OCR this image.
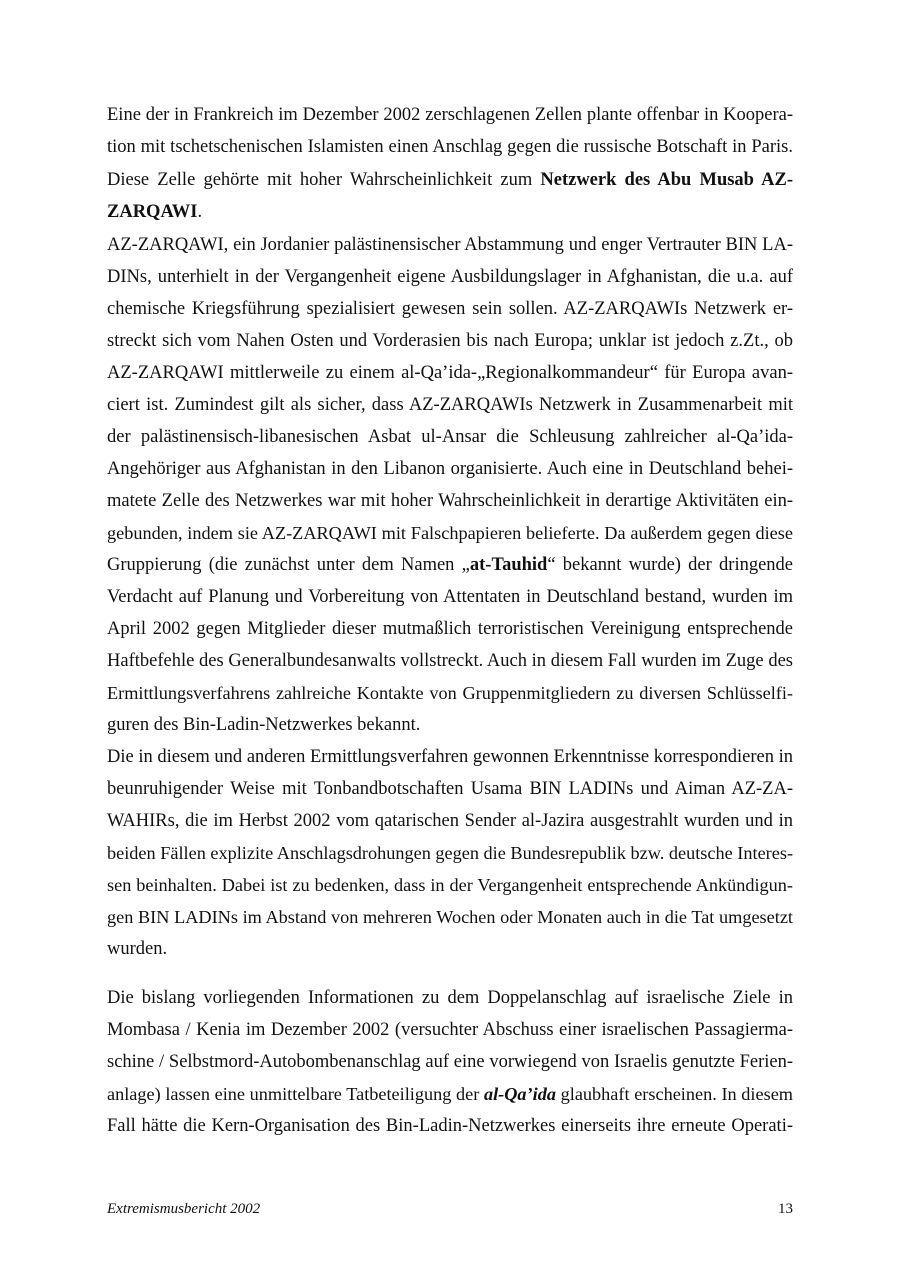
Eine der in Frankreich im Dezember 2002 zerschlagenen Zellen plante offenbar in Koopera-
tion mit tschetschenischen Islamisten einen Anschlag gegen die russische Botschaft in Paris.
Diese Zelle gehörte mit hoher Wahrscheinlichkeit zum Netzwerk des Abu Musab AZ-
ZARQAWI.
AZ-ZARQAWI, ein Jordanier palästinensischer Abstammung und enger Vertrauter BIN LA-
DINs, unterhielt in der Vergangenheit eigene Ausbildungslager in Afghanistan, die u.a. auf
chemische Kriegsführung spezialisiert gewesen sein sollen. AZ-ZARQAWIs Netzwerk er-
streckt sich vom Nahen Osten und Vorderasien bis nach Europa; unklar ist jedoch z.Zt., ob
AZ-ZARQAWI mittlerweile zu einem al-Qa’ida-„Regionalkommandeur“ für Europa avan-
ciert ist. Zumindest gilt als sicher, dass AZ-ZARQAWIs Netzwerk in Zusammenarbeit mit
der palästinensisch-libanesischen Asbat ul-Ansar die Schleusung zahlreicher al-Qa’ida-
Angehöriger aus Afghanistan in den Libanon organisierte. Auch eine in Deutschland behei-
matete Zelle des Netzwerkes war mit hoher Wahrscheinlichkeit in derartige Aktivitäten ein-
gebunden, indem sie AZ-ZARQAWI mit Falschpapieren belieferte. Da außerdem gegen diese
Gruppierung (die zunächst unter dem Namen „at-Tauhid“ bekannt wurde) der dringende
Verdacht auf Planung und Vorbereitung von Attentaten in Deutschland bestand, wurden im
April 2002 gegen Mitglieder dieser mutmaßlich terroristischen Vereinigung entsprechende
Haftbefehle des Generalbundesanwalts vollstreckt. Auch in diesem Fall wurden im Zuge des
Ermittlungsverfahrens zahlreiche Kontakte von Gruppenmitgliedern zu diversen Schlüsselfi-
guren des Bin-Ladin-Netzwerkes bekannt.
Die in diesem und anderen Ermittlungsverfahren gewonnen Erkenntnisse korrespondieren in
beunruhigender Weise mit Tonbandbotschaften Usama BIN LADINs und Aiman AZ-ZA-
WAHIRs, die im Herbst 2002 vom qatarischen Sender al-Jazira ausgestrahlt wurden und in
beiden Fällen explizite Anschlagsdrohungen gegen die Bundesrepublik bzw. deutsche Interes-
sen beinhalten. Dabei ist zu bedenken, dass in der Vergangenheit entsprechende Ankündigun-
gen BIN LADINs im Abstand von mehreren Wochen oder Monaten auch in die Tat umgesetzt
wurden.
Die bislang vorliegenden Informationen zu dem Doppelanschlag auf israelische Ziele in
Mombasa / Kenia im Dezember 2002 (versuchter Abschuss einer israelischen Passagierma-
schine / Selbstmord-Autobombenanschlag auf eine vorwiegend von Israelis genutzte Ferien-
anlage) lassen eine unmittelbare Tatbeteiligung der al-Qa’ida glaubhaft erscheinen. In diesem
Fall hätte die Kern-Organisation des Bin-Ladin-Netzwerkes einerseits ihre erneute Operati-
Extremismusbericht 2002	13
